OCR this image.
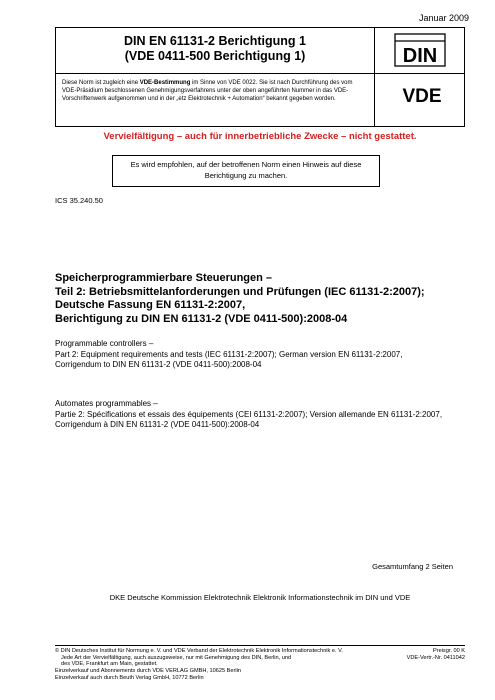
Januar 2009
DIN EN 61131-2 Berichtigung 1
(VDE 0411-500 Berichtigung 1)
Diese Norm ist zugleich eine VDE-Bestimmung im Sinne von VDE 0022. Sie ist nach Durchführung des vom VDE-Präsidium beschlossenen Genehmigungsverfahrens unter der oben angeführten Nummer in das VDE-Vorschriftenwerk aufgenommen und in der „etz Elektrotechnik + Automation“ bekannt gegeben worden.
DIN
VDE
Vervielfältigung – auch für innerbetriebliche Zwecke – nicht gestattet.
Es wird empfohlen, auf der betroffenen Norm einen Hinweis auf diese Berichtigung zu machen.
ICS 35.240.50
Speicherprogrammierbare Steuerungen –
Teil 2: Betriebsmittelanforderungen und Prüfungen (IEC 61131-2:2007);
Deutsche Fassung EN 61131-2:2007,
Berichtigung zu DIN EN 61131-2 (VDE 0411-500):2008-04
Programmable controllers –
Part 2: Equipment requirements and tests (IEC 61131-2:2007); German version EN 61131-2:2007,
Corrigendum to DIN EN 61131-2 (VDE 0411-500):2008-04
Automates programmables –
Partie 2: Spécifications et essais des équipements (CEI 61131-2:2007); Version allemande EN 61131-2:2007,
Corrigendum à DIN EN 61131-2 (VDE 0411-500):2008-04
Gesamtumfang 2 Seiten
DKE Deutsche Kommission Elektrotechnik Elektronik Informationstechnik im DIN und VDE
© DIN Deutsches Institut für Normung e. V. und VDE Verband der Elektrotechnik Elektronik Informationstechnik e. V.
Jede Art der Vervielfältigung, auch auszugsweise, nur mit Genehmigung des DIN, Berlin, und
des VDE, Frankfurt am Main, gestattet.
Einzelverkauf und Abonnements durch VDE VERLAG GMBH, 10625 Berlin
Einzelverkauf auch durch Beuth Verlag GmbH, 10772 Berlin
Preisgr. 00 K
VDE-Vertr.-Nr. 0411042
